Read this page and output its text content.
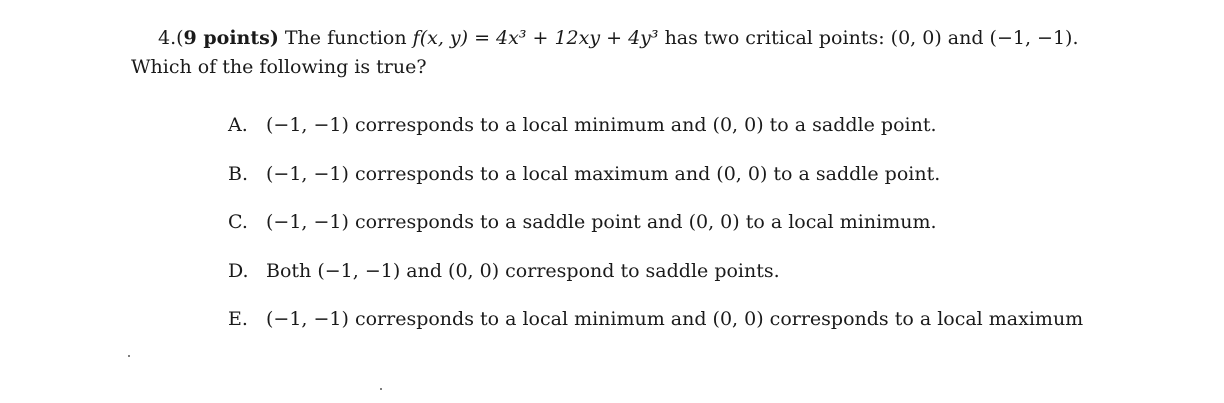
4.(9 points) The function f(x, y) = 4x³ + 12xy + 4y³ has two critical points: (0, 0) and (−1, −1).
Which of the following is true?
A. (−1, −1) corresponds to a local minimum and (0, 0) to a saddle point.
B. (−1, −1) corresponds to a local maximum and (0, 0) to a saddle point.
C. (−1, −1) corresponds to a saddle point and (0, 0) to a local minimum.
D. Both (−1, −1) and (0, 0) correspond to saddle points.
E. (−1, −1) corresponds to a local minimum and (0, 0) corresponds to a local maximum
